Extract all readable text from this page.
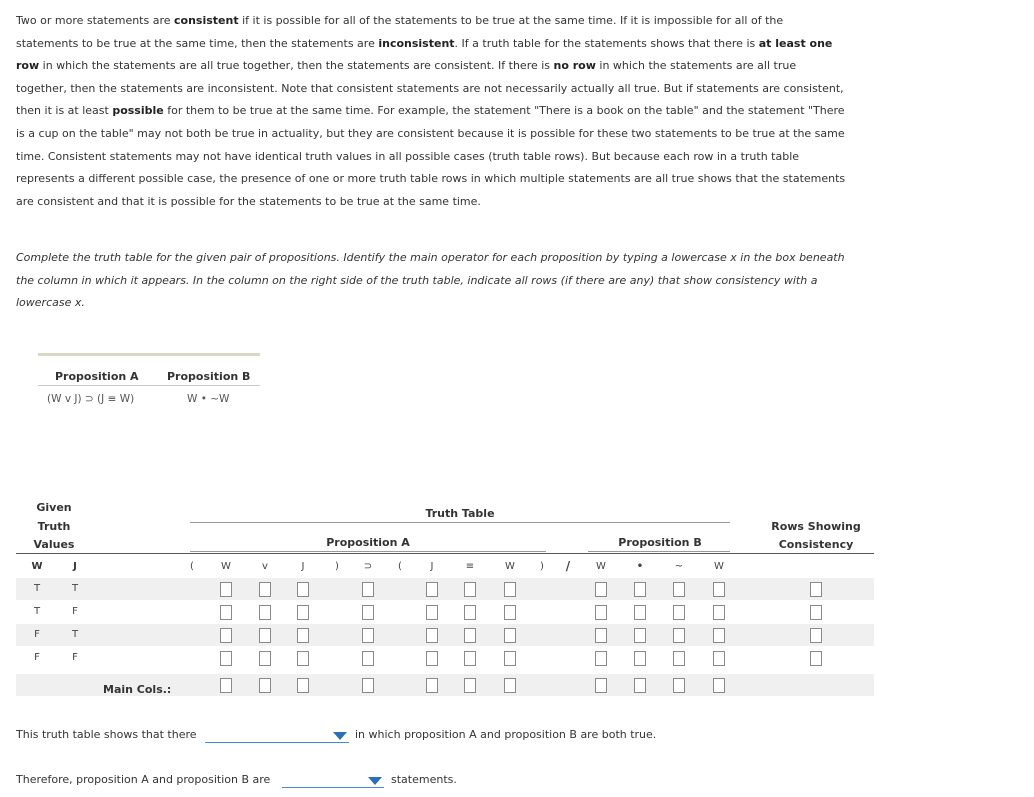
Two or more statements are consistent if it is possible for all of the statements to be true at the same time. If it is impossible for all of the
statements to be true at the same time, then the statements are inconsistent. If a truth table for the statements shows that there is at least one
row in which the statements are all true together, then the statements are consistent. If there is no row in which the statements are all true
together, then the statements are inconsistent. Note that consistent statements are not necessarily actually all true. But if statements are consistent,
then it is at least possible for them to be true at the same time. For example, the statement "There is a book on the table" and the statement "There
is a cup on the table" may not both be true in actuality, but they are consistent because it is possible for these two statements to be true at the same
time. Consistent statements may not have identical truth values in all possible cases (truth table rows). But because each row in a truth table
represents a different possible case, the presence of one or more truth table rows in which multiple statements are all true shows that the statements
are consistent and that it is possible for the statements to be true at the same time.
Complete the truth table for the given pair of propositions. Identify the main operator for each proposition by typing a lowercase x in the box beneath
the column in which it appears. In the column on the right side of the truth table, indicate all rows (if there are any) that show consistency with a
lowercase x.
Proposition A	Proposition B
(W v J) ⊃ (J ≡ W)	W • ~W
Given
Truth
Values
Truth Table
Proposition A	Proposition B
Rows Showing
Consistency
W	J	(	W	v	J	)	⊃	(	J	≡	W	)	/	W	•	~	W
T	T
T	F
F	T
F	F
Main Cols.:
This truth table shows that there	in which proposition A and proposition B are both true.
Therefore, proposition A and proposition B are	statements.
